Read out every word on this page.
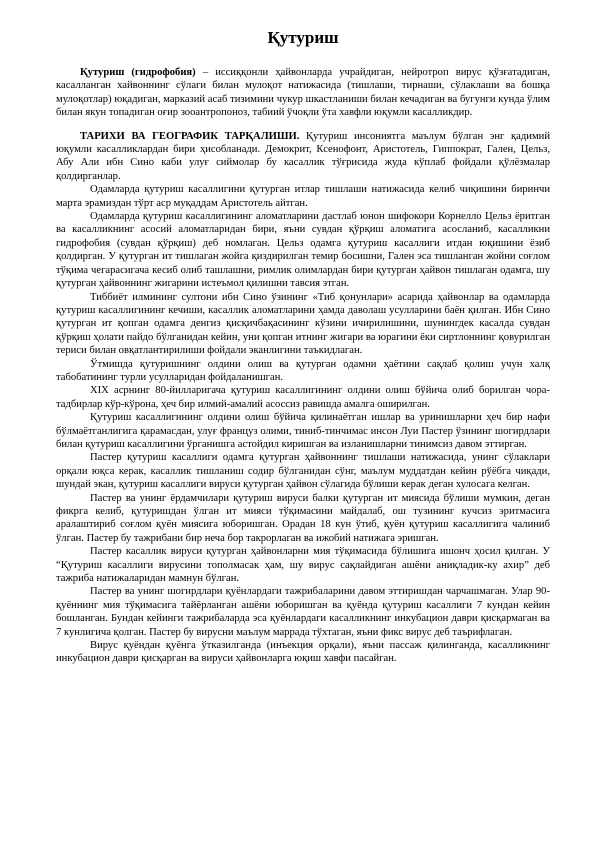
Қутуриш

Қутуриш (гидрофобия) – иссиққонли ҳайвонларда учрайдиган, нейротроп вирус қўзғатадиган, касалланган хайвоннинг сўлаги билан мулоқот натижасида (тишлаши, тирнаши, сўлаклаши ва бошқа мулоқотлар) юқадиган, марказий асаб тизимини чукур шкастланиши билан кечадиган ва бугунги кунда ўлим билан якун топадиган оғир зооантропоноз, табиий ўчоқли ўта хавфли юқумли касалликдир.

ТАРИХИ ВА ГЕОГРАФИК ТАРҚАЛИШИ. Қутуриш инсониятга маълум бўлган энг қадимий юқумли касалликлардан бири ҳисобланади. Демокрит, Ксенофонт, Аристотель, Гиппократ, Гален, Цельз, Абу Али ибн Сино каби улуғ сиймолар бу касаллик тўғрисида жуда кўплаб фойдали қўлёзмалар қолдирганлар.

Одамларда қутуриш касаллигини қутурган итлар тишлаши натижасида келиб чиқишини биринчи марта эрамиздан тўрт аср муқаддам Аристотель айтган.

Одамларда қутуриш касаллигининг аломатларини дастлаб юнон шифокори Корнелло Цельз ёритган ва касалликнинг асосий аломатларидан бири, яъни сувдан қўрқиш аломатига асосланиб, касалликни гидрофобия (сувдан қўрқиш) деб номлаган. Цельз одамга қутуриш касаллиги итдан юқишини ёзиб қолдирган. У қутурган ит тишлаган жойга қиздирилган темир босишни, Гален эса тишланган жойни соғлом тўқима чегарасигача кесиб олиб ташлашни, римлик олимлардан бири қутурган ҳайвон тишлаган одамга, шу қутурган ҳайвоннинг жигарини истеъмол қилишни тавсия этган.

Тиббиёт илмининг султони ибн Сино ўзининг «Тиб қонунлари» асарида ҳайвонлар ва одамларда қутуриш касаллигининг кечиши, касаллик аломатларини ҳамда даволаш усулларини баён қилган. Ибн Сино қутурган ит қопган одамга денгиз қисқичбақасининг кўзини ичирилишини, шунингдек касалда сувдан қўрқиш ҳолати пайдо бўлганидан кейин, уни қопган итнинг жигари ва юрагини ёки сиртлоннинг қовурилган териси билан овқатлантирилиши фойдали эканлигини таъкидлаган.

Ўтмишда қутуришнинг олдини олиш ва қутурган одамни ҳаётини сақлаб қолиш учун халқ табобатининг турли усулларидан фойдаланишган.

XIX асрнинг 80-йилларигача қутуриш касаллигининг олдини олиш бўйича олиб борилган чора-тадбирлар кўр-кўрона, ҳеч бир илмий-амалий асоссиз равишда амалга оширилган.

Қутуриш касаллигининг олдини олиш бўйича қилинаётган ишлар ва уринишларни ҳеч бир нафи бўлмаётганлигига қарамасдан, улуғ француз олими, тиниб-тинчимас инсон Луи Пастер ўзининг шогирдлари билан қутуриш касаллигини ўрганишга астойдил киришган ва изланишларни тинимсиз давом эттирган.

Пастер қутуриш касаллиги одамга қутурган ҳайвоннинг тишлаши натижасида, унинг сўлаклари орқали юқса керак, касаллик тишланиш содир бўлганидан сўнг, маълум муддатдан кейин рўёбга чиқади, шундай экан, қутуриш касаллиги вируси қутурган ҳайвон сўлагида бўлиши керак деган хулосага келган.

Пастер ва унинг ёрдамчилари қутуриш вируси балки қутурган ит миясида бўлиши мумкин, деган фикрга келиб, қутуришдан ўлган ит мияси тўқимасини майдалаб, ош тузининг кучсиз эритмасига аралаштириб соғлом қуён миясига юборишган. Орадан 18 кун ўтиб, қуён қутуриш касаллигига чалиниб ўлган. Пастер бу тажрибани бир неча бор такрорлаган ва ижобий натижага эришган.

Пастер касаллик вируси қутурган ҳайвонларни мия тўқимасида бўлишига ишонч ҳосил қилган. У “Қутуриш касаллиги вирусини тополмасак ҳам, шу вирус сақлайдиган ашёни аниқладик-ку ахир” деб тажриба натижаларидан мамнун бўлган.

Пастер ва унинг шогирдлари қуёнлардаги тажрибаларини давом эттиришдан чарчашмаган. Улар 90-қуённинг мия тўқимасига тайёрланган ашёни юборишган ва қуёнда қутуриш касаллиги 7 кундан кейин бошланган. Бундан кейинги тажрибаларда эса қуёнлардаги касалликнинг инкубацион даври қисқармаган ва 7 кунлигича қолган. Пастер бу вирусни маълум маррада тўхтаган, яъни фикс вирус деб таърифлаган.

Вирус қуёндан қуёнга ўтказилганда (инъекция орқали), яъни пассаж қилинганда, касалликнинг инкубацион даври қисқарган ва вируси ҳайвонларга юқиш хавфи пасайган.
